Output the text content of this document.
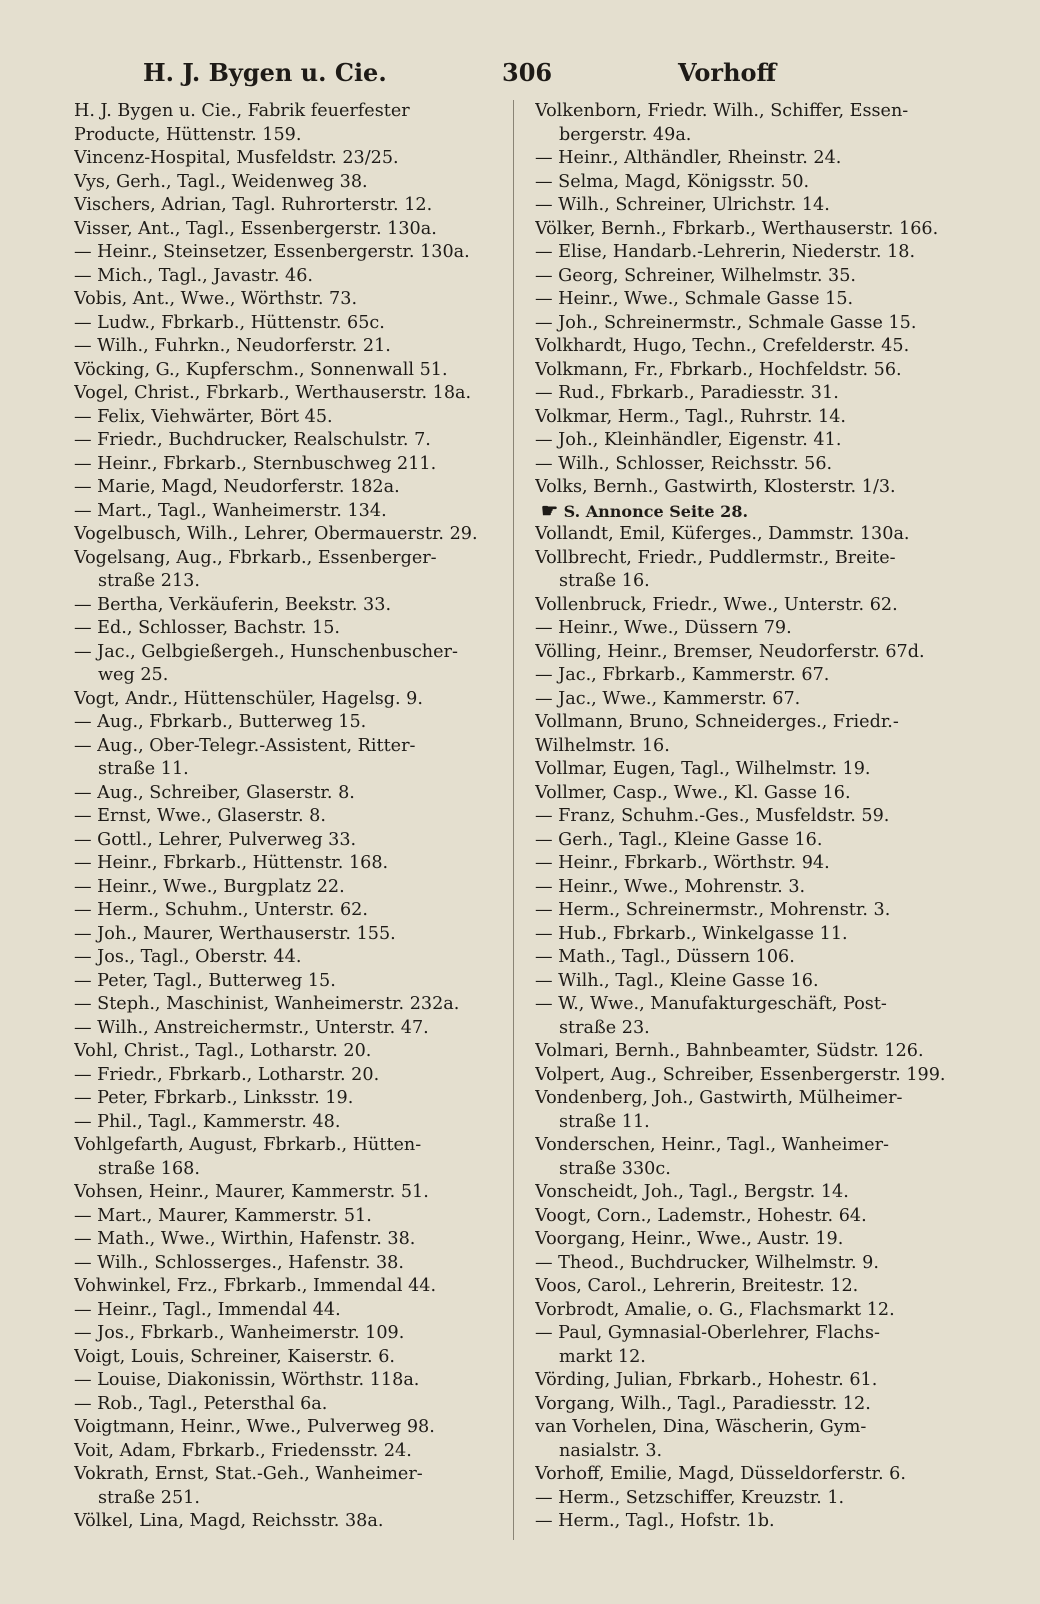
H. J. Bygen u. Cie.	306	Vorhoff
H. J. Bygen u. Cie., Fabrik feuerfester
Producte, Hüttenstr. 159.
Vincenz-Hospital, Musfeldstr. 23/25.
Vys, Gerh., Tagl., Weidenweg 38.
Vischers, Adrian, Tagl. Ruhrorterstr. 12.
Visser, Ant., Tagl., Essenbergerstr. 130a.
— Heinr., Steinsetzer, Essenbergerstr. 130a.
— Mich., Tagl., Javastr. 46.
Vobis, Ant., Wwe., Wörthstr. 73.
— Ludw., Fbrkarb., Hüttenstr. 65c.
— Wilh., Fuhrkn., Neudorferstr. 21.
Vöcking, G., Kupferschm., Sonnenwall 51.
Vogel, Christ., Fbrkarb., Werthauserstr. 18a.
— Felix, Viehwärter, Bört 45.
— Friedr., Buchdrucker, Realschulstr. 7.
— Heinr., Fbrkarb., Sternbuschweg 211.
— Marie, Magd, Neudorferstr. 182a.
— Mart., Tagl., Wanheimerstr. 134.
Vogelbusch, Wilh., Lehrer, Obermauerstr. 29.
Vogelsang, Aug., Fbrkarb., Essenberger-
straße 213.
— Bertha, Verkäuferin, Beekstr. 33.
— Ed., Schlosser, Bachstr. 15.
— Jac., Gelbgießergeh., Hunschenbuscher-
weg 25.
Vogt, Andr., Hüttenschüler, Hagelsg. 9.
— Aug., Fbrkarb., Butterweg 15.
— Aug., Ober-Telegr.-Assistent, Ritter-
straße 11.
— Aug., Schreiber, Glaserstr. 8.
— Ernst, Wwe., Glaserstr. 8.
— Gottl., Lehrer, Pulverweg 33.
— Heinr., Fbrkarb., Hüttenstr. 168.
— Heinr., Wwe., Burgplatz 22.
— Herm., Schuhm., Unterstr. 62.
— Joh., Maurer, Werthauserstr. 155.
— Jos., Tagl., Oberstr. 44.
— Peter, Tagl., Butterweg 15.
— Steph., Maschinist, Wanheimerstr. 232a.
— Wilh., Anstreichermstr., Unterstr. 47.
Vohl, Christ., Tagl., Lotharstr. 20.
— Friedr., Fbrkarb., Lotharstr. 20.
— Peter, Fbrkarb., Linksstr. 19.
— Phil., Tagl., Kammerstr. 48.
Vohlgefarth, August, Fbrkarb., Hütten-
straße 168.
Vohsen, Heinr., Maurer, Kammerstr. 51.
— Mart., Maurer, Kammerstr. 51.
— Math., Wwe., Wirthin, Hafenstr. 38.
— Wilh., Schlosserges., Hafenstr. 38.
Vohwinkel, Frz., Fbrkarb., Immendal 44.
— Heinr., Tagl., Immendal 44.
— Jos., Fbrkarb., Wanheimerstr. 109.
Voigt, Louis, Schreiner, Kaiserstr. 6.
— Louise, Diakonissin, Wörthstr. 118a.
— Rob., Tagl., Petersthal 6a.
Voigtmann, Heinr., Wwe., Pulverweg 98.
Voit, Adam, Fbrkarb., Friedensstr. 24.
Vokrath, Ernst, Stat.-Geh., Wanheimer-
straße 251.
Völkel, Lina, Magd, Reichsstr. 38a.
Volkenborn, Friedr. Wilh., Schiffer, Essen-
bergerstr. 49a.
— Heinr., Althändler, Rheinstr. 24.
— Selma, Magd, Königsstr. 50.
— Wilh., Schreiner, Ulrichstr. 14.
Völker, Bernh., Fbrkarb., Werthauserstr. 166.
— Elise, Handarb.-Lehrerin, Niederstr. 18.
— Georg, Schreiner, Wilhelmstr. 35.
— Heinr., Wwe., Schmale Gasse 15.
— Joh., Schreinermstr., Schmale Gasse 15.
Volkhardt, Hugo, Techn., Crefelderstr. 45.
Volkmann, Fr., Fbrkarb., Hochfeldstr. 56.
— Rud., Fbrkarb., Paradiesstr. 31.
Volkmar, Herm., Tagl., Ruhrstr. 14.
— Joh., Kleinhändler, Eigenstr. 41.
— Wilh., Schlosser, Reichsstr. 56.
Volks, Bernh., Gastwirth, Klosterstr. 1/3.
☛ S. Annonce Seite 28.
Vollandt, Emil, Küferges., Dammstr. 130a.
Vollbrecht, Friedr., Puddlermstr., Breite-
straße 16.
Vollenbruck, Friedr., Wwe., Unterstr. 62.
— Heinr., Wwe., Düssern 79.
Völling, Heinr., Bremser, Neudorferstr. 67d.
— Jac., Fbrkarb., Kammerstr. 67.
— Jac., Wwe., Kammerstr. 67.
Vollmann, Bruno, Schneiderges., Friedr.-
Wilhelmstr. 16.
Vollmar, Eugen, Tagl., Wilhelmstr. 19.
Vollmer, Casp., Wwe., Kl. Gasse 16.
— Franz, Schuhm.-Ges., Musfeldstr. 59.
— Gerh., Tagl., Kleine Gasse 16.
— Heinr., Fbrkarb., Wörthstr. 94.
— Heinr., Wwe., Mohrenstr. 3.
— Herm., Schreinermstr., Mohrenstr. 3.
— Hub., Fbrkarb., Winkelgasse 11.
— Math., Tagl., Düssern 106.
— Wilh., Tagl., Kleine Gasse 16.
— W., Wwe., Manufakturgeschäft, Post-
straße 23.
Volmari, Bernh., Bahnbeamter, Südstr. 126.
Volpert, Aug., Schreiber, Essenbergerstr. 199.
Vondenberg, Joh., Gastwirth, Mülheimer-
straße 11.
Vonderschen, Heinr., Tagl., Wanheimer-
straße 330c.
Vonscheidt, Joh., Tagl., Bergstr. 14.
Voogt, Corn., Lademstr., Hohestr. 64.
Voorgang, Heinr., Wwe., Austr. 19.
— Theod., Buchdrucker, Wilhelmstr. 9.
Voos, Carol., Lehrerin, Breitestr. 12.
Vorbrodt, Amalie, o. G., Flachsmarkt 12.
— Paul, Gymnasial-Oberlehrer, Flachs-
markt 12.
Vörding, Julian, Fbrkarb., Hohestr. 61.
Vorgang, Wilh., Tagl., Paradiesstr. 12.
van Vorhelen, Dina, Wäscherin, Gym-
nasialstr. 3.
Vorhoff, Emilie, Magd, Düsseldorferstr. 6.
— Herm., Setzschiffer, Kreuzstr. 1.
— Herm., Tagl., Hofstr. 1b.
